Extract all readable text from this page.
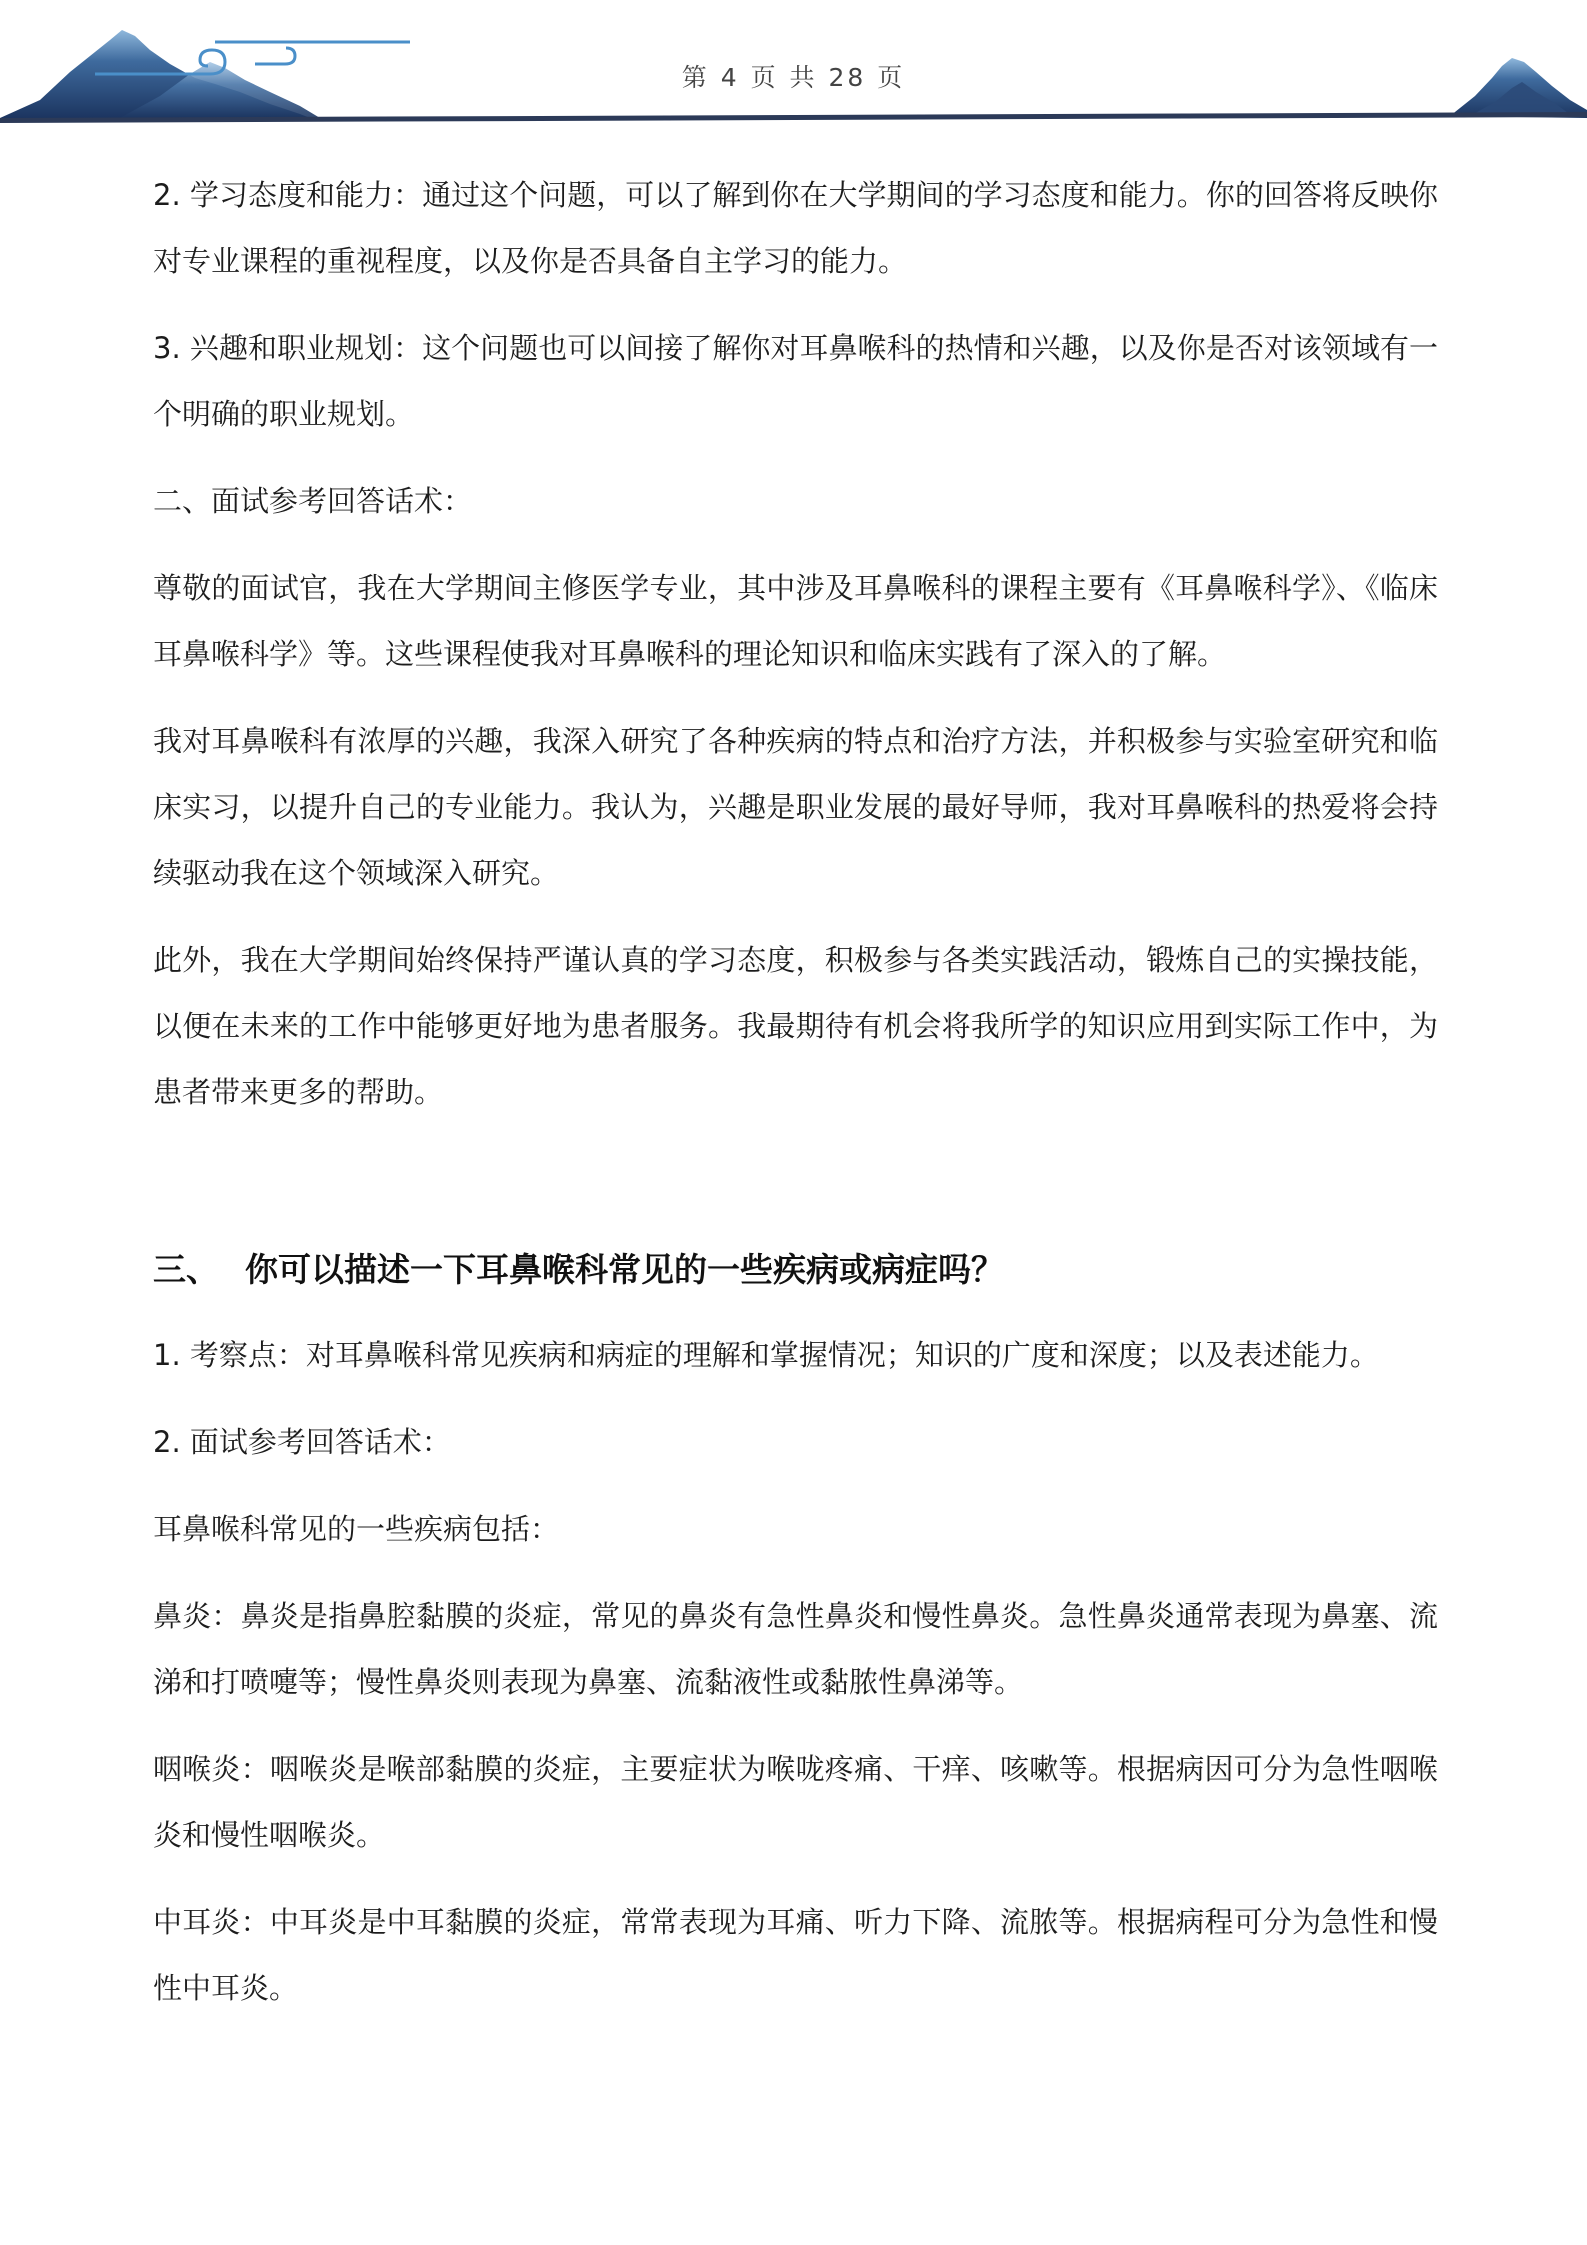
第 4 页 共 28 页

2. 学习态度和能力：通过这个问题，可以了解到你在大学期间的学习态度和能力。你的回答将反映你对专业课程的重视程度，以及你是否具备自主学习的能力。

3. 兴趣和职业规划：这个问题也可以间接了解你对耳鼻喉科的热情和兴趣，以及你是否对该领域有一个明确的职业规划。

二、面试参考回答话术：

尊敬的面试官，我在大学期间主修医学专业，其中涉及耳鼻喉科的课程主要有《耳鼻喉科学》、《临床耳鼻喉科学》等。这些课程使我对耳鼻喉科的理论知识和临床实践有了深入的了解。

我对耳鼻喉科有浓厚的兴趣，我深入研究了各种疾病的特点和治疗方法，并积极参与实验室研究和临床实习，以提升自己的专业能力。我认为，兴趣是职业发展的最好导师，我对耳鼻喉科的热爱将会持续驱动我在这个领域深入研究。

此外，我在大学期间始终保持严谨认真的学习态度，积极参与各类实践活动，锻炼自己的实操技能，以便在未来的工作中能够更好地为患者服务。我最期待有机会将我所学的知识应用到实际工作中，为患者带来更多的帮助。

三、 你可以描述一下耳鼻喉科常见的一些疾病或病症吗？

1. 考察点：对耳鼻喉科常见疾病和病症的理解和掌握情况；知识的广度和深度；以及表述能力。

2. 面试参考回答话术：

耳鼻喉科常见的一些疾病包括：

鼻炎：鼻炎是指鼻腔黏膜的炎症，常见的鼻炎有急性鼻炎和慢性鼻炎。急性鼻炎通常表现为鼻塞、流涕和打喷嚏等；慢性鼻炎则表现为鼻塞、流黏液性或黏脓性鼻涕等。

咽喉炎：咽喉炎是喉部黏膜的炎症，主要症状为喉咙疼痛、干痒、咳嗽等。根据病因可分为急性咽喉炎和慢性咽喉炎。

中耳炎：中耳炎是中耳黏膜的炎症，常常表现为耳痛、听力下降、流脓等。根据病程可分为急性和慢性中耳炎。
